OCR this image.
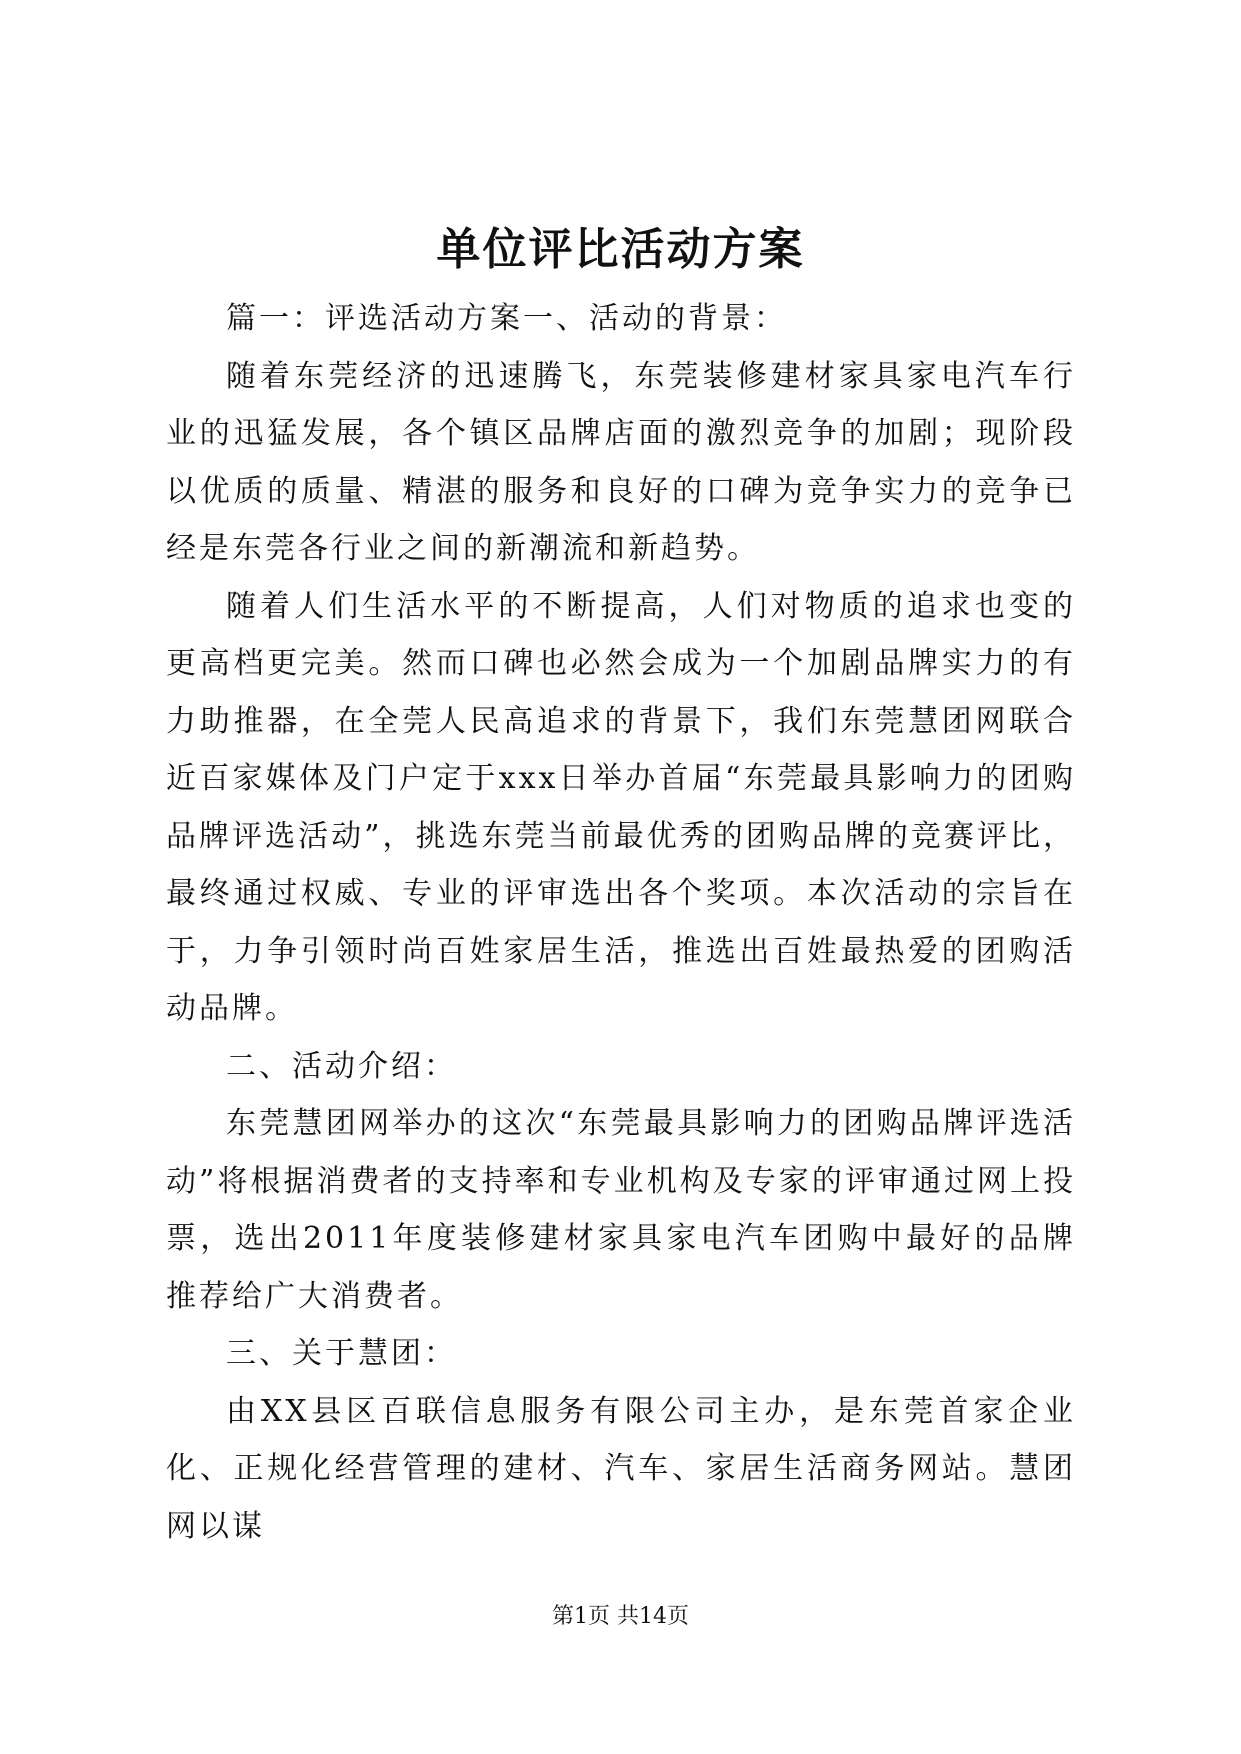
单位评比活动方案

篇一：评选活动方案一、活动的背景：

随着东莞经济的迅速腾飞，东莞装修建材家具家电汽车行业的迅猛发展，各个镇区品牌店面的激烈竞争的加剧；现阶段以优质的质量、精湛的服务和良好的口碑为竞争实力的竞争已经是东莞各行业之间的新潮流和新趋势。

随着人们生活水平的不断提高，人们对物质的追求也变的更高档更完美。然而口碑也必然会成为一个加剧品牌实力的有力助推器，在全莞人民高追求的背景下，我们东莞慧团网联合近百家媒体及门户定于xxx日举办首届“东莞最具影响力的团购品牌评选活动”，挑选东莞当前最优秀的团购品牌的竞赛评比，最终通过权威、专业的评审选出各个奖项。本次活动的宗旨在于，力争引领时尚百姓家居生活，推选出百姓最热爱的团购活动品牌。

二、活动介绍：

东莞慧团网举办的这次“东莞最具影响力的团购品牌评选活动”将根据消费者的支持率和专业机构及专家的评审通过网上投票，选出2011年度装修建材家具家电汽车团购中最好的品牌推荐给广大消费者。

三、关于慧团：

由XX县区百联信息服务有限公司主办，是东莞首家企业化、正规化经营管理的建材、汽车、家居生活商务网站。慧团网以谋

第1页 共14页
